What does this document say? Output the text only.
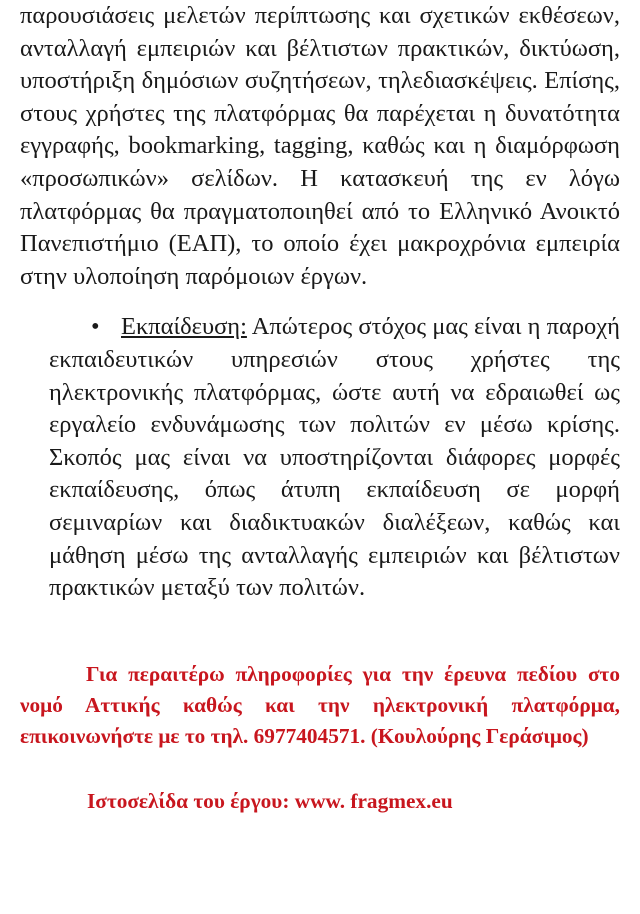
παρουσιάσεις μελετών περίπτωσης και σχετικών εκθέσεων, ανταλλαγή εμπειριών και βέλτιστων πρακτικών, δικτύωση, υποστήριξη δημόσιων συζητήσεων, τηλεδιασκέψεις. Επίσης, στους χρήστες της πλατφόρμας θα παρέχεται η δυνατότητα εγγραφής, bookmarking, tagging, καθώς και η διαμόρφωση «προσωπικών» σελίδων. Η κατασκευή της εν λόγω πλατφόρμας θα πραγματοποιηθεί από το Ελληνικό Ανοικτό Πανεπιστήμιο (ΕΑΠ), το οποίο έχει μακροχρόνια εμπειρία στην υλοποίηση παρόμοιων έργων.

• Εκπαίδευση: Απώτερος στόχος μας είναι η παροχή εκπαιδευτικών υπηρεσιών στους χρήστες της ηλεκτρονικής πλατφόρμας, ώστε αυτή να εδραιωθεί ως εργαλείο ενδυνάμωσης των πολιτών εν μέσω κρίσης. Σκοπός μας είναι να υποστηρίζονται διάφορες μορφές εκπαίδευσης, όπως άτυπη εκπαίδευση σε μορφή σεμιναρίων και διαδικτυακών διαλέξεων, καθώς και μάθηση μέσω της ανταλλαγής εμπειριών και βέλτιστων πρακτικών μεταξύ των πολιτών.

Για περαιτέρω πληροφορίες για την έρευνα πεδίου στο νομό Αττικής καθώς και την ηλεκτρονική πλατφόρμα, επικοινωνήστε με το τηλ. 6977404571. (Κουλούρης Γεράσιμος)

Ιστοσελίδα του έργου: www. fragmex.eu
